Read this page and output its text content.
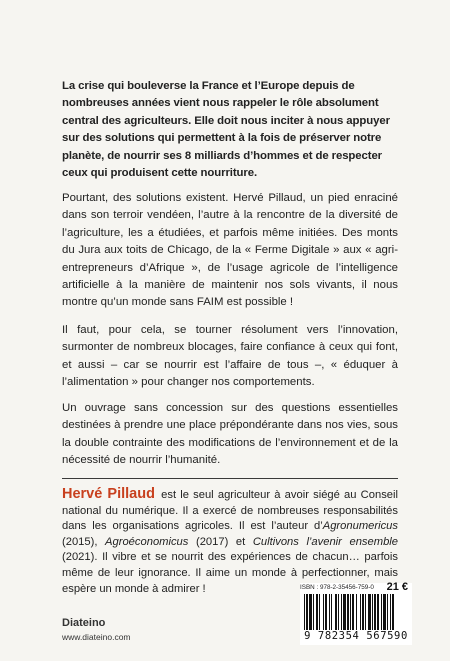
La crise qui bouleverse la France et l’Europe depuis de nombreuses années vient nous rappeler le rôle absolument central des agriculteurs. Elle doit nous inciter à nous appuyer sur des solutions qui permettent à la fois de préserver notre planète, de nourrir ses 8 milliards d’hommes et de respecter ceux qui produisent cette nourriture.

Pourtant, des solutions existent. Hervé Pillaud, un pied enraciné dans son terroir vendéen, l’autre à la rencontre de la diversité de l’agriculture, les a étudiées, et parfois même initiées. Des monts du Jura aux toits de Chicago, de la « Ferme Digitale » aux « agri-entrepreneurs d’Afrique », de l’usage agricole de l’intelligence artificielle à la manière de maintenir nos sols vivants, il nous montre qu’un monde sans FAIM est possible !

Il faut, pour cela, se tourner résolument vers l’innovation, surmonter de nombreux blocages, faire confiance à ceux qui font, et aussi – car se nourrir est l’affaire de tous –, « éduquer à l’alimentation » pour changer nos comportements.

Un ouvrage sans concession sur des questions essentielles destinées à prendre une place prépondérante dans nos vies, sous la double contrainte des modifications de l’environnement et de la nécessité de nourrir l’humanité.

Hervé Pillaud est le seul agriculteur à avoir siégé au Conseil national du numérique. Il a exercé de nombreuses responsabilités dans les organisations agricoles. Il est l’auteur d’Agronumericus (2015), Agroéconomicus (2017) et Cultivons l’avenir ensemble (2021). Il vibre et se nourrit des expériences de chacun… parfois même de leur ignorance. Il aime un monde à perfectionner, mais espère un monde à admirer !

Diateino
www.diateino.com
ISBN : 978-2-35456-759-0 21 €
9 782354 567590
